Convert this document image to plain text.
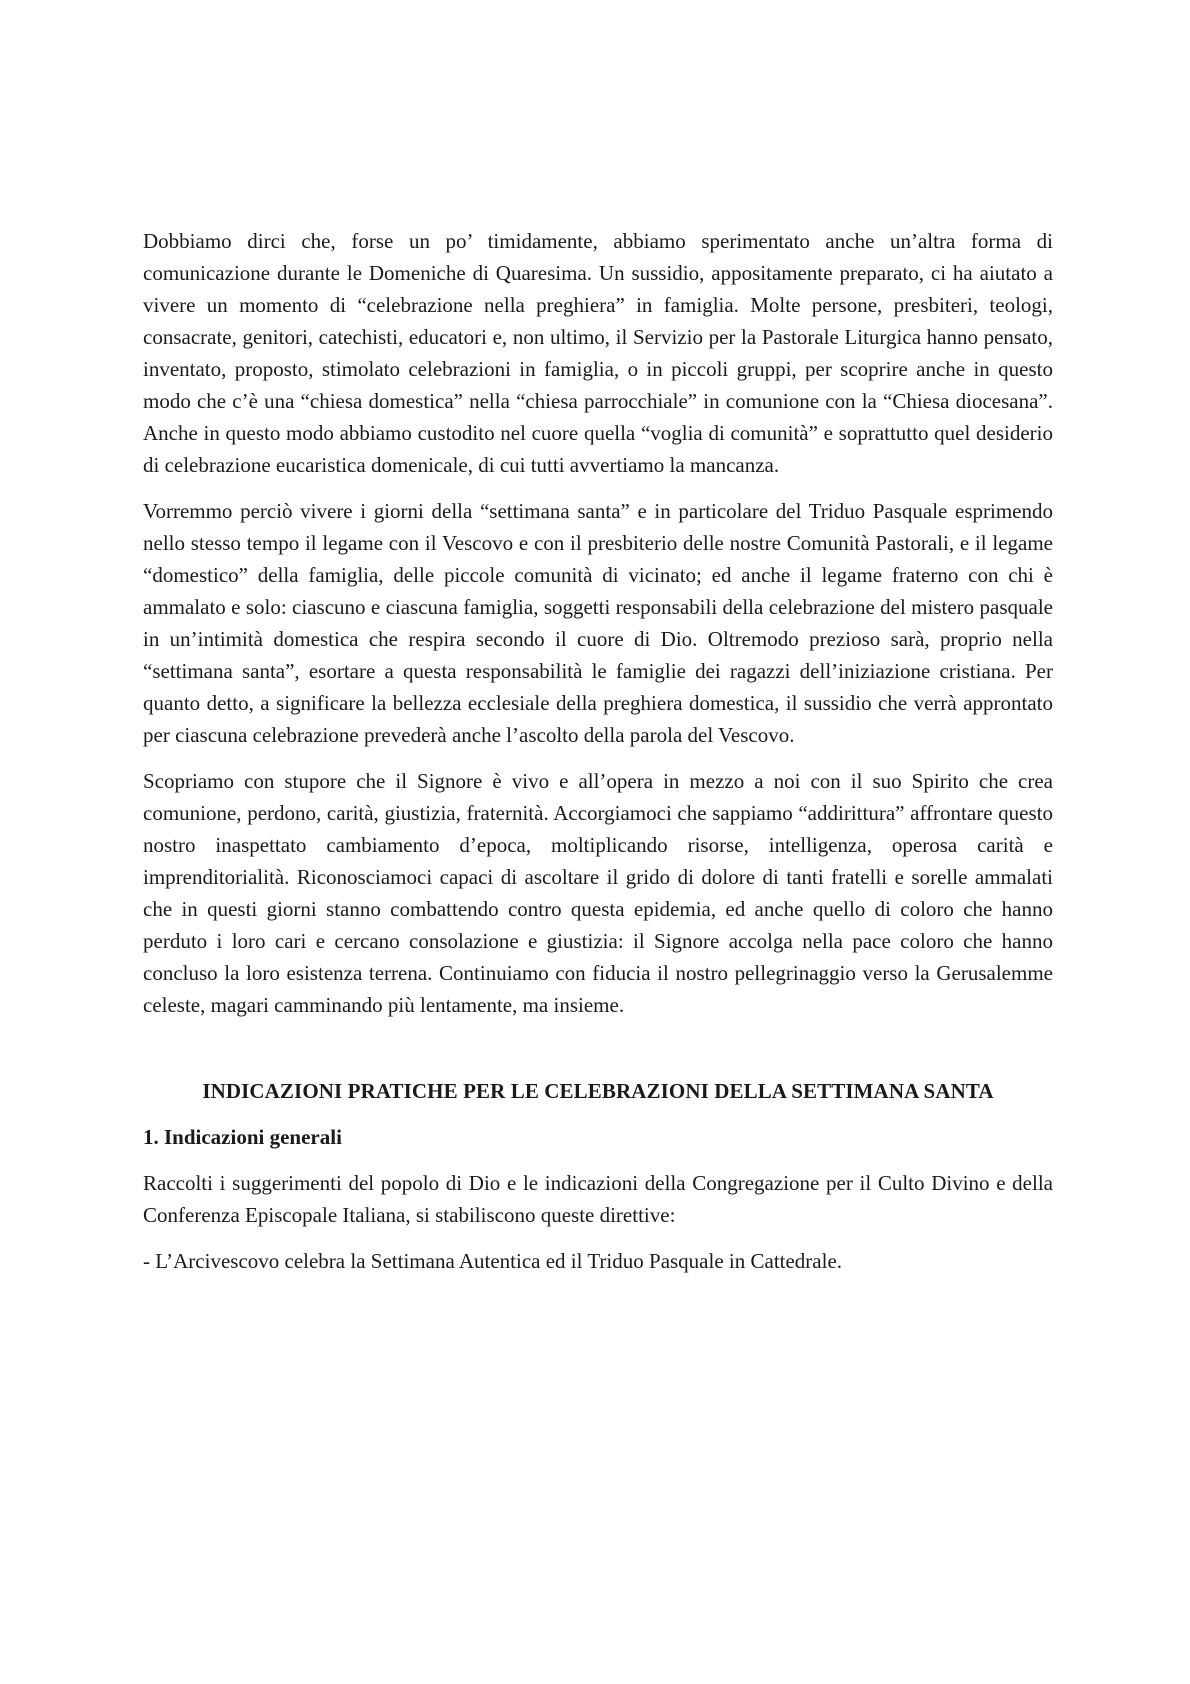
Dobbiamo dirci che, forse un po’ timidamente, abbiamo sperimentato anche un’altra forma di comunicazione durante le Domeniche di Quaresima. Un sussidio, appositamente preparato, ci ha aiutato a vivere un momento di “celebrazione nella preghiera” in famiglia. Molte persone, presbiteri, teologi, consacrate, genitori, catechisti, educatori e, non ultimo, il Servizio per la Pastorale Liturgica hanno pensato, inventato, proposto, stimolato celebrazioni in famiglia, o in piccoli gruppi, per scoprire anche in questo modo che c’è una “chiesa domestica” nella “chiesa parrocchiale” in comunione con la “Chiesa diocesana”. Anche in questo modo abbiamo custodito nel cuore quella “voglia di comunità” e soprattutto quel desiderio di celebrazione eucaristica domenicale, di cui tutti avvertiamo la mancanza.

Vorremmo perciò vivere i giorni della “settimana santa” e in particolare del Triduo Pasquale esprimendo nello stesso tempo il legame con il Vescovo e con il presbiterio delle nostre Comunità Pastorali, e il legame “domestico” della famiglia, delle piccole comunità di vicinato; ed anche il legame fraterno con chi è ammalato e solo: ciascuno e ciascuna famiglia, soggetti responsabili della celebrazione del mistero pasquale in un’intimità domestica che respira secondo il cuore di Dio. Oltremodo prezioso sarà, proprio nella “settimana santa”, esortare a questa responsabilità le famiglie dei ragazzi dell’iniziazione cristiana. Per quanto detto, a significare la bellezza ecclesiale della preghiera domestica, il sussidio che verrà approntato per ciascuna celebrazione prevederà anche l’ascolto della parola del Vescovo.

Scopriamo con stupore che il Signore è vivo e all’opera in mezzo a noi con il suo Spirito che crea comunione, perdono, carità, giustizia, fraternità. Accorgiamoci che sappiamo “addirittura” affrontare questo nostro inaspettato cambiamento d’epoca, moltiplicando risorse, intelligenza, operosa carità e imprenditorialità. Riconosciamoci capaci di ascoltare il grido di dolore di tanti fratelli e sorelle ammalati che in questi giorni stanno combattendo contro questa epidemia, ed anche quello di coloro che hanno perduto i loro cari e cercano consolazione e giustizia: il Signore accolga nella pace coloro che hanno concluso la loro esistenza terrena. Continuiamo con fiducia il nostro pellegrinaggio verso la Gerusalemme celeste, magari camminando più lentamente, ma insieme.

INDICAZIONI PRATICHE PER LE CELEBRAZIONI DELLA SETTIMANA SANTA
1. Indicazioni generali

Raccolti i suggerimenti del popolo di Dio e le indicazioni della Congregazione per il Culto Divino e della Conferenza Episcopale Italiana, si stabiliscono queste direttive:

- L’Arcivescovo celebra la Settimana Autentica ed il Triduo Pasquale in Cattedrale.
